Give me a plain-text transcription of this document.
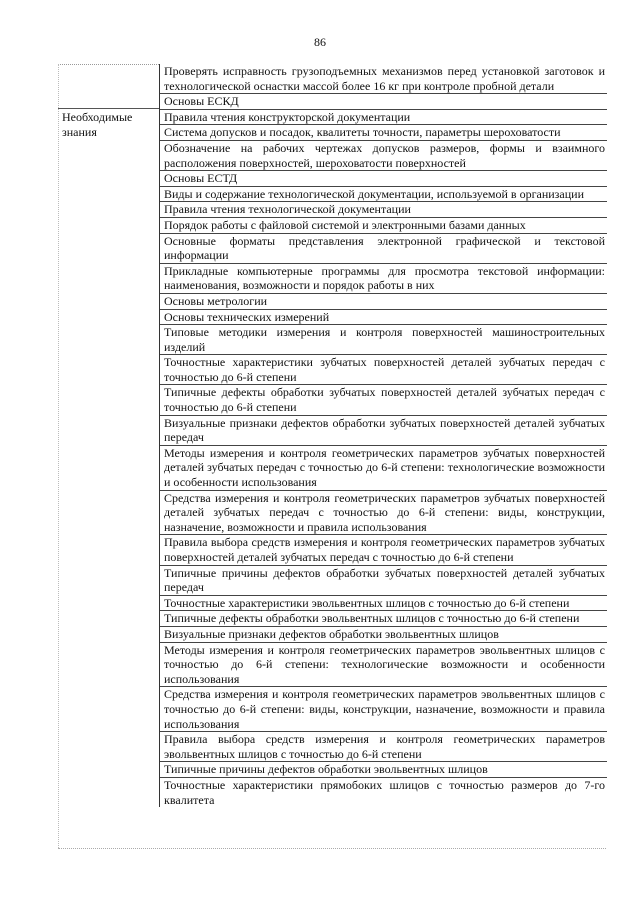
86
Необходимые знания
Проверять исправность грузоподъемных механизмов перед установкой заготовок и технологической оснастки массой более 16 кг при контроле пробной детали
Основы ЕСКД
Правила чтения конструкторской документации
Система допусков и посадок, квалитеты точности, параметры шероховатости
Обозначение на рабочих чертежах допусков размеров, формы и взаимного расположения поверхностей, шероховатости поверхностей
Основы ЕСТД
Виды и содержание технологической документации, используемой в организации
Правила чтения технологической документации
Порядок работы с файловой системой и электронными базами данных
Основные форматы представления электронной графической и текстовой информации
Прикладные компьютерные программы для просмотра текстовой информации: наименования, возможности и порядок работы в них
Основы метрологии
Основы технических измерений
Типовые методики измерения и контроля поверхностей машиностроительных изделий
Точностные характеристики зубчатых поверхностей деталей зубчатых передач с точностью до 6-й степени
Типичные дефекты обработки зубчатых поверхностей деталей зубчатых передач с точностью до 6-й степени
Визуальные признаки дефектов обработки зубчатых поверхностей деталей зубчатых передач
Методы измерения и контроля геометрических параметров зубчатых поверхностей деталей зубчатых передач с точностью до 6-й степени: технологические возможности и особенности использования
Средства измерения и контроля геометрических параметров зубчатых поверхностей деталей зубчатых передач с точностью до 6-й степени: виды, конструкции, назначение, возможности и правила использования
Правила выбора средств измерения и контроля геометрических параметров зубчатых поверхностей деталей зубчатых передач с точностью до 6-й степени
Типичные причины дефектов обработки зубчатых поверхностей деталей зубчатых передач
Точностные характеристики эвольвентных шлицов с точностью до 6-й степени
Типичные дефекты обработки эвольвентных шлицов с точностью до 6-й степени
Визуальные признаки дефектов обработки эвольвентных шлицов
Методы измерения и контроля геометрических параметров эвольвентных шлицов с точностью до 6-й степени: технологические возможности и особенности использования
Средства измерения и контроля геометрических параметров эвольвентных шлицов с точностью до 6-й степени: виды, конструкции, назначение, возможности и правила использования
Правила выбора средств измерения и контроля геометрических параметров эвольвентных шлицов с точностью до 6-й степени
Типичные причины дефектов обработки эвольвентных шлицов
Точностные характеристики прямобоких шлицов с точностью размеров до 7-го квалитета
